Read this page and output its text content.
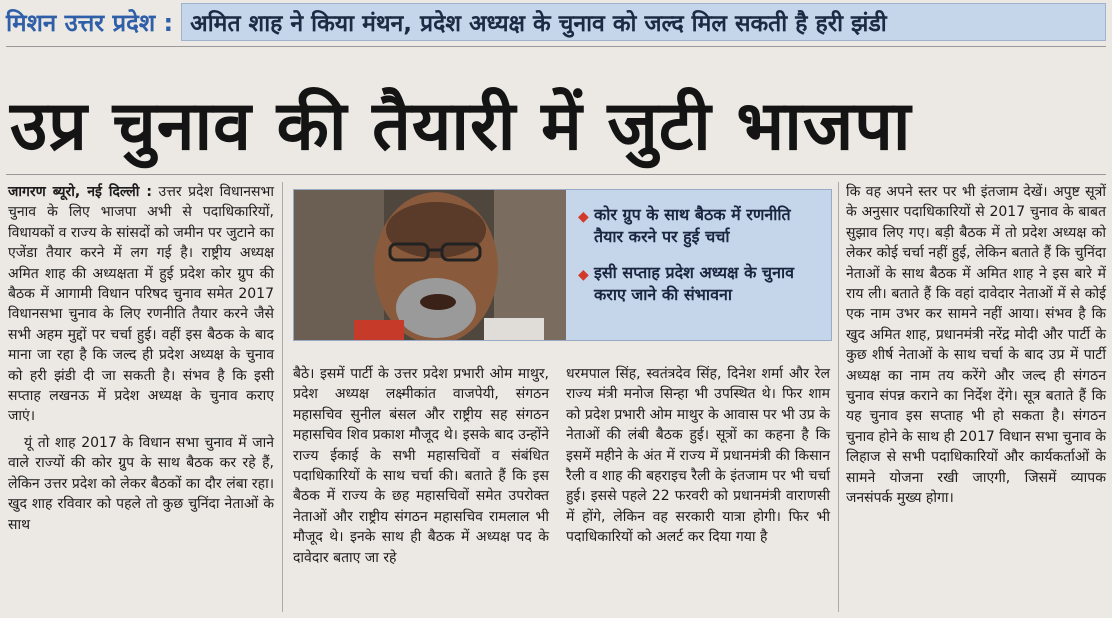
मिशन उत्तर प्रदेश : अमित शाह ने किया मंथन, प्रदेश अध्यक्ष के चुनाव को जल्द मिल सकती है हरी झंडी
उप्र चुनाव की तैयारी में जुटी भाजपा

जागरण ब्यूरो, नई दिल्ली : उत्तर प्रदेश विधानसभा चुनाव के लिए भाजपा अभी से पदाधिकारियों, विधायकों व राज्य के सांसदों को जमीन पर जुटाने का एजेंडा तैयार करने में लग गई है। राष्ट्रीय अध्यक्ष अमित शाह की अध्यक्षता में हुई प्रदेश कोर ग्रुप की बैठक में आगामी विधान परिषद चुनाव समेत 2017 विधानसभा चुनाव के लिए रणनीति तैयार करने जैसे सभी अहम मुद्दों पर चर्चा हुई। वहीं इस बैठक के बाद माना जा रहा है कि जल्द ही प्रदेश अध्यक्ष के चुनाव को हरी झंडी दी जा सकती है। संभव है कि इसी सप्ताह लखनऊ में प्रदेश अध्यक्ष के चुनाव कराए जाएं।

यूं तो शाह 2017 के विधान सभा चुनाव में जाने वाले राज्यों की कोर ग्रुप के साथ बैठक कर रहे हैं, लेकिन उत्तर प्रदेश को लेकर बैठकों का दौर लंबा रहा। खुद शाह रविवार को पहले तो कुछ चुनिंदा नेताओं के साथ

◆ कोर ग्रुप के साथ बैठक में रणनीति तैयार करने पर हुई चर्चा
◆ इसी सप्ताह प्रदेश अध्यक्ष के चुनाव कराए जाने की संभावना

बैठे। इसमें पार्टी के उत्तर प्रदेश प्रभारी ओम माथुर, प्रदेश अध्यक्ष लक्ष्मीकांत वाजपेयी, संगठन महासचिव सुनील बंसल और राष्ट्रीय सह संगठन महासचिव शिव प्रकाश मौजूद थे। इसके बाद उन्होंने राज्य ईकाई के सभी महासचिवों व संबंधित पदाधिकारियों के साथ चर्चा की। बताते हैं कि इस बैठक में राज्य के छह महासचिवों समेत उपरोक्त नेताओं और राष्ट्रीय संगठन महासचिव रामलाल भी मौजूद थे। इनके साथ ही बैठक में अध्यक्ष पद के दावेदार बताए जा रहे

धरमपाल सिंह, स्वतंत्रदेव सिंह, दिनेश शर्मा और रेल राज्य मंत्री मनोज सिन्हा भी उपस्थित थे। फिर शाम को प्रदेश प्रभारी ओम माथुर के आवास पर भी उप्र के नेताओं की लंबी बैठक हुई। सूत्रों का कहना है कि इसमें महीने के अंत में राज्य में प्रधानमंत्री की किसान रैली व शाह की बहराइच रैली के इंतजाम पर भी चर्चा हुई। इससे पहले 22 फरवरी को प्रधानमंत्री वाराणसी में होंगे, लेकिन वह सरकारी यात्रा होगी। फिर भी पदाधिकारियों को अलर्ट कर दिया गया है

कि वह अपने स्तर पर भी इंतजाम देखें। अपुष्ट सूत्रों के अनुसार पदाधिकारियों से 2017 चुनाव के बाबत सुझाव लिए गए। बड़ी बैठक में तो प्रदेश अध्यक्ष को लेकर कोई चर्चा नहीं हुई, लेकिन बताते हैं कि चुनिंदा नेताओं के साथ बैठक में अमित शाह ने इस बारे में राय ली। बताते हैं कि वहां दावेदार नेताओं में से कोई एक नाम उभर कर सामने नहीं आया। संभव है कि खुद अमित शाह, प्रधानमंत्री नरेंद्र मोदी और पार्टी के कुछ शीर्ष नेताओं के साथ चर्चा के बाद उप्र में पार्टी अध्यक्ष का नाम तय करेंगे और जल्द ही संगठन चुनाव संपन्न कराने का निर्देश देंगे। सूत्र बताते हैं कि यह चुनाव इस सप्ताह भी हो सकता है। संगठन चुनाव होने के साथ ही 2017 विधान सभा चुनाव के लिहाज से सभी पदाधिकारियों और कार्यकर्ताओं के सामने योजना रखी जाएगी, जिसमें व्यापक जनसंपर्क मुख्य होगा।
